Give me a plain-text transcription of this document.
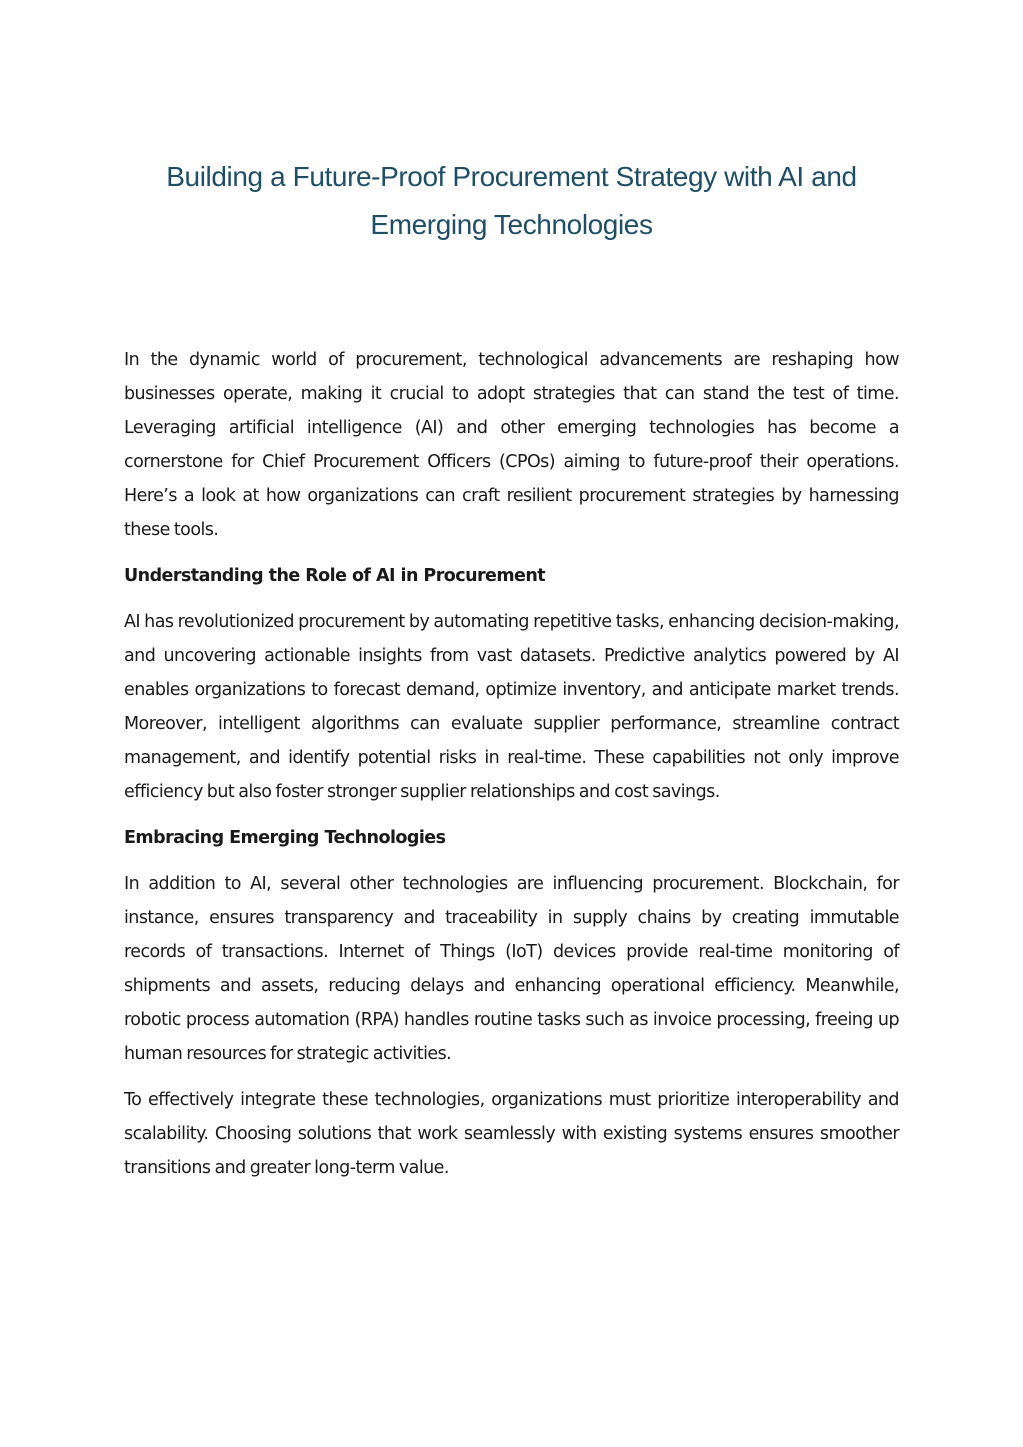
Building a Future-Proof Procurement Strategy with AI and Emerging Technologies

In the dynamic world of procurement, technological advancements are reshaping how businesses operate, making it crucial to adopt strategies that can stand the test of time. Leveraging artificial intelligence (AI) and other emerging technologies has become a cornerstone for Chief Procurement Officers (CPOs) aiming to future-proof their operations. Here’s a look at how organizations can craft resilient procurement strategies by harnessing these tools.

Understanding the Role of AI in Procurement

AI has revolutionized procurement by automating repetitive tasks, enhancing decision-making, and uncovering actionable insights from vast datasets. Predictive analytics powered by AI enables organizations to forecast demand, optimize inventory, and anticipate market trends. Moreover, intelligent algorithms can evaluate supplier performance, streamline contract management, and identify potential risks in real-time. These capabilities not only improve efficiency but also foster stronger supplier relationships and cost savings.

Embracing Emerging Technologies

In addition to AI, several other technologies are influencing procurement. Blockchain, for instance, ensures transparency and traceability in supply chains by creating immutable records of transactions. Internet of Things (IoT) devices provide real-time monitoring of shipments and assets, reducing delays and enhancing operational efficiency. Meanwhile, robotic process automation (RPA) handles routine tasks such as invoice processing, freeing up human resources for strategic activities.

To effectively integrate these technologies, organizations must prioritize interoperability and scalability. Choosing solutions that work seamlessly with existing systems ensures smoother transitions and greater long-term value.
